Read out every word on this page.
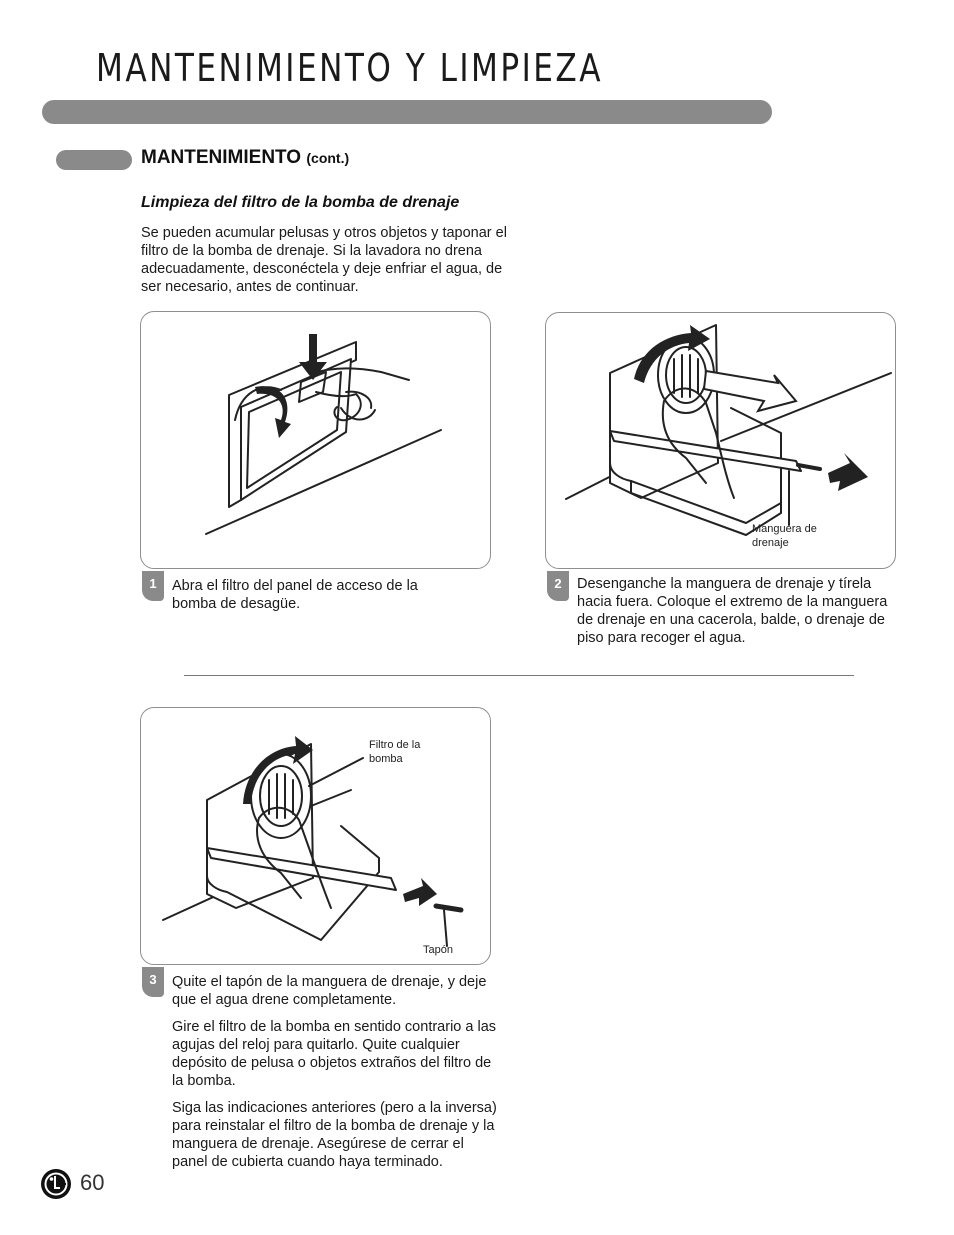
MANTENIMIENTO Y LIMPIEZA
MANTENIMIENTO (cont.)
Limpieza del filtro de la bomba de drenaje
Se pueden acumular pelusas y otros objetos y taponar el filtro de la bomba de drenaje. Si la lavadora no drena adecuadamente, desconéctela y deje enfriar el agua, de ser necesario, antes de continuar.
1	Abra el filtro del panel de acceso de la bomba de desagüe.

Manguera de drenaje
2	Desenganche la manguera de drenaje y tírela hacia fuera. Coloque el extremo de la manguera de drenaje en una cacerola, balde, o drenaje de piso para recoger el agua.

Filtro de la bomba
Tapón
3	Quite el tapón de la manguera de drenaje, y deje que el agua drene completamente.

Gire el filtro de la bomba en sentido contrario a las agujas del reloj para quitarlo. Quite cualquier depósito de pelusa o objetos extraños del filtro de la bomba.

Siga las indicaciones anteriores (pero a la inversa) para reinstalar el filtro de la bomba de drenaje y la manguera de drenaje. Asegúrese de cerrar el panel de cubierta cuando haya terminado.

60
